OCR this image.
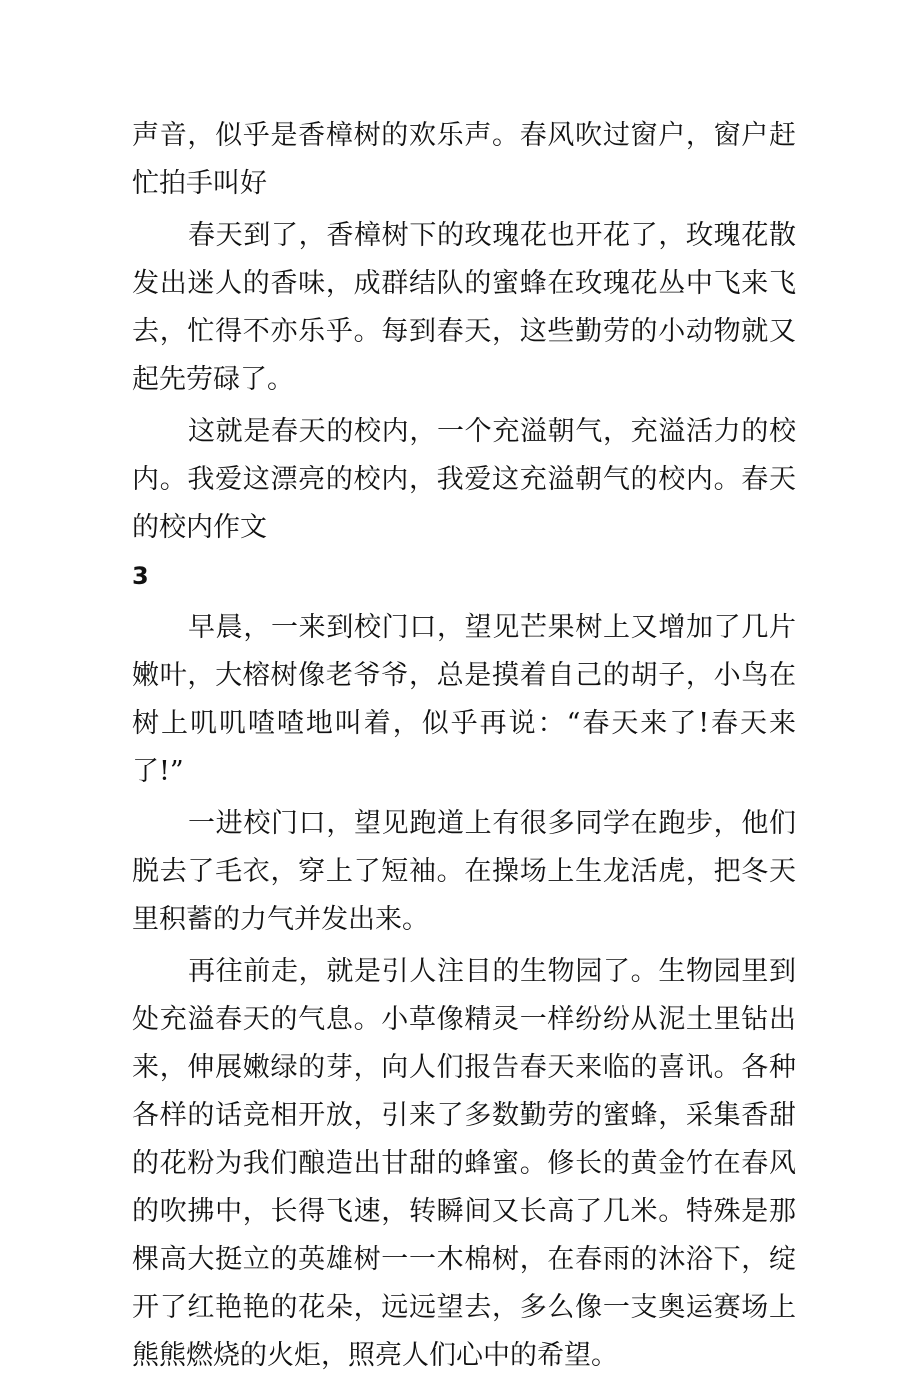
声音，似乎是香樟树的欢乐声。春风吹过窗户，窗户赶忙拍手叫好

春天到了，香樟树下的玫瑰花也开花了，玫瑰花散发出迷人的香味，成群结队的蜜蜂在玫瑰花丛中飞来飞去，忙得不亦乐乎。每到春天，这些勤劳的小动物就又起先劳碌了。

这就是春天的校内，一个充溢朝气，充溢活力的校内。我爱这漂亮的校内，我爱这充溢朝气的校内。春天的校内作文
3

早晨，一来到校门口，望见芒果树上又增加了几片嫩叶，大榕树像老爷爷，总是摸着自己的胡子，小鸟在树上叽叽喳喳地叫着，似乎再说：“春天来了!春天来了!”

一进校门口，望见跑道上有很多同学在跑步，他们脱去了毛衣，穿上了短袖。在操场上生龙活虎，把冬天里积蓄的力气并发出来。

再往前走，就是引人注目的生物园了。生物园里到处充溢春天的气息。小草像精灵一样纷纷从泥土里钻出来，伸展嫩绿的芽，向人们报告春天来临的喜讯。各种各样的话竞相开放，引来了多数勤劳的蜜蜂，采集香甜的花粉为我们酿造出甘甜的蜂蜜。修长的黄金竹在春风的吹拂中，长得飞速，转瞬间又长高了几米。特殊是那棵高大挺立的英雄树一一木棉树，在春雨的沐浴下，绽开了红艳艳的花朵，远远望去，多么像一支奥运赛场上熊熊燃烧的火炬，照亮人们心中的希望。
